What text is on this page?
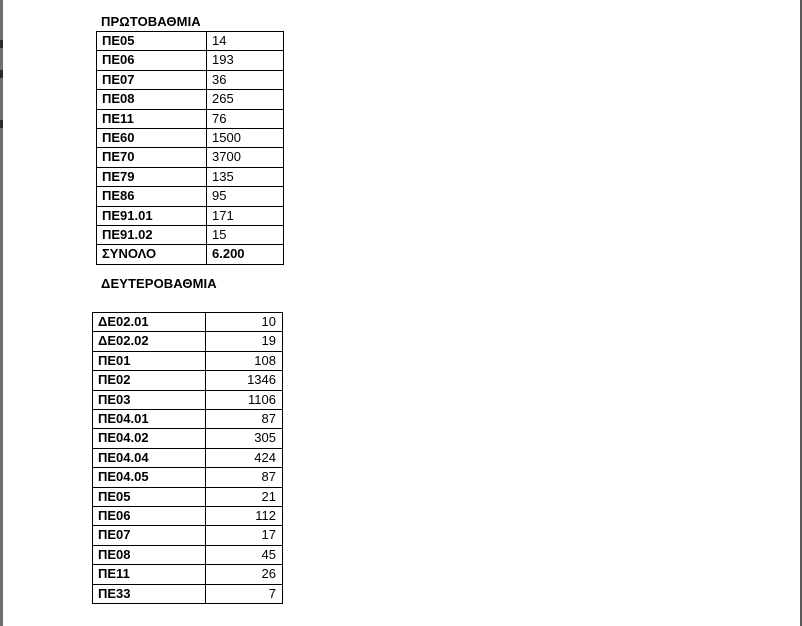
ΠΡΩΤΟΒΑΘΜΙΑ
ΠΕ05	14
ΠΕ06	193
ΠΕ07	36
ΠΕ08	265
ΠΕ11	76
ΠΕ60	1500
ΠΕ70	3700
ΠΕ79	135
ΠΕ86	95
ΠΕ91.01	171
ΠΕ91.02	15
ΣΥΝΟΛΟ	6.200
ΔΕΥΤΕΡΟΒΑΘΜΙΑ
ΔΕ02.01	10
ΔΕ02.02	19
ΠΕ01	108
ΠΕ02	1346
ΠΕ03	1106
ΠΕ04.01	87
ΠΕ04.02	305
ΠΕ04.04	424
ΠΕ04.05	87
ΠΕ05	21
ΠΕ06	112
ΠΕ07	17
ΠΕ08	45
ΠΕ11	26
ΠΕ33	7
